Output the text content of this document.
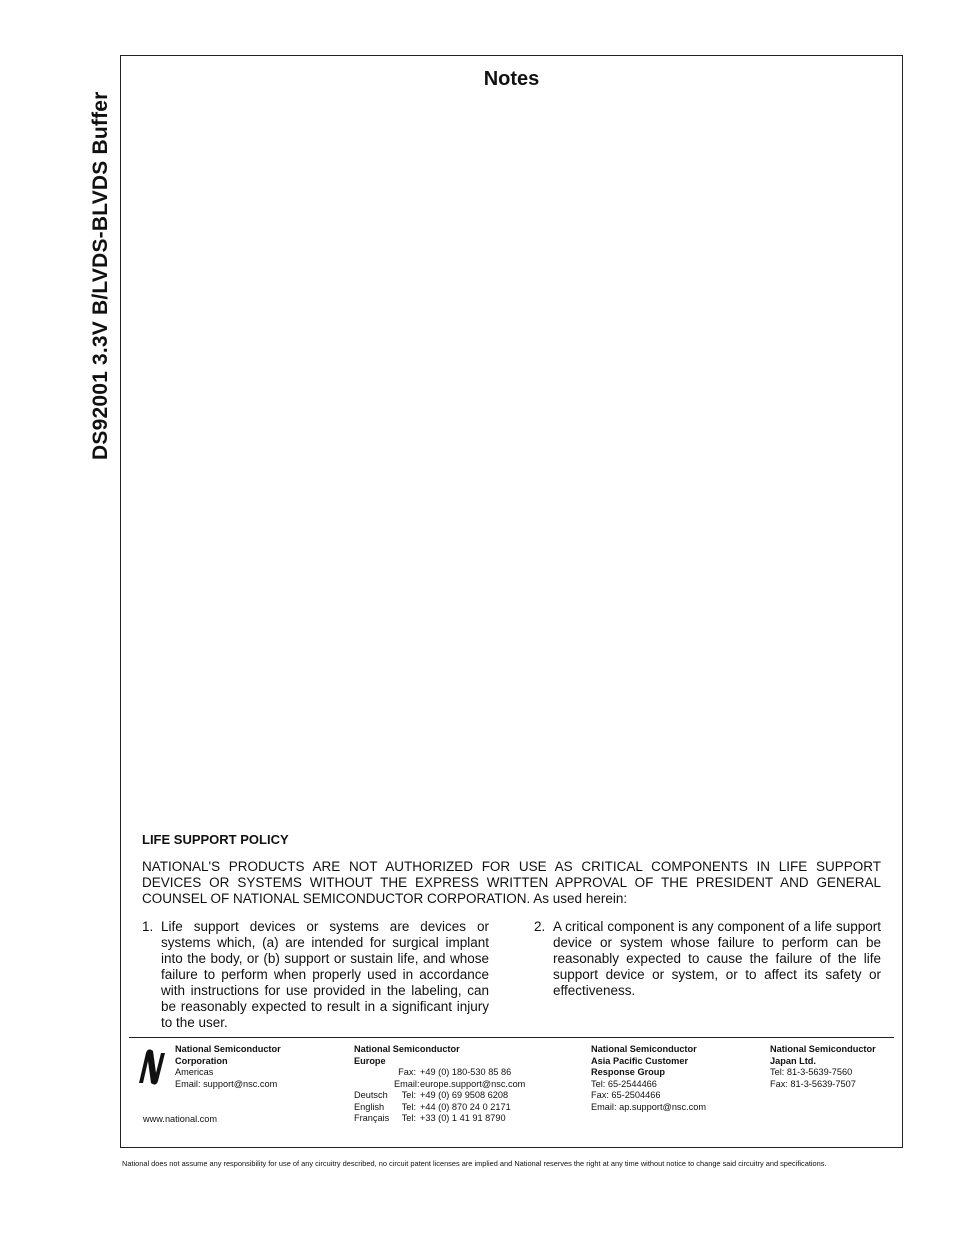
DS92001 3.3V B/LVDS-BLVDS Buffer
Notes

LIFE SUPPORT POLICY

NATIONAL'S PRODUCTS ARE NOT AUTHORIZED FOR USE AS CRITICAL COMPONENTS IN LIFE SUPPORT DEVICES OR SYSTEMS WITHOUT THE EXPRESS WRITTEN APPROVAL OF THE PRESIDENT AND GENERAL COUNSEL OF NATIONAL SEMICONDUCTOR CORPORATION. As used herein:

1. Life support devices or systems are devices or systems which, (a) are intended for surgical implant into the body, or (b) support or sustain life, and whose failure to perform when properly used in accordance with instructions for use provided in the labeling, can be reasonably expected to result in a significant injury to the user.
2. A critical component is any component of a life support device or system whose failure to perform can be reasonably expected to cause the failure of the life support device or system, or to affect its safety or effectiveness.
National Semiconductor
Corporation
Americas
Email: support@nsc.com
www.national.com
National Semiconductor
Europe
Fax: +49 (0) 180-530 85 86
Email: europe.support@nsc.com
Deutsch	Tel: +49 (0) 69 9508 6208
English	Tel: +44 (0) 870 24 0 2171
Français	Tel: +33 (0) 1 41 91 8790
National Semiconductor
Asia Pacific Customer
Response Group
Tel: 65-2544466
Fax: 65-2504466
Email: ap.support@nsc.com
National Semiconductor
Japan Ltd.
Tel: 81-3-5639-7560
Fax: 81-3-5639-7507
National does not assume any responsibility for use of any circuitry described, no circuit patent licenses are implied and National reserves the right at any time without notice to change said circuitry and specifications.
